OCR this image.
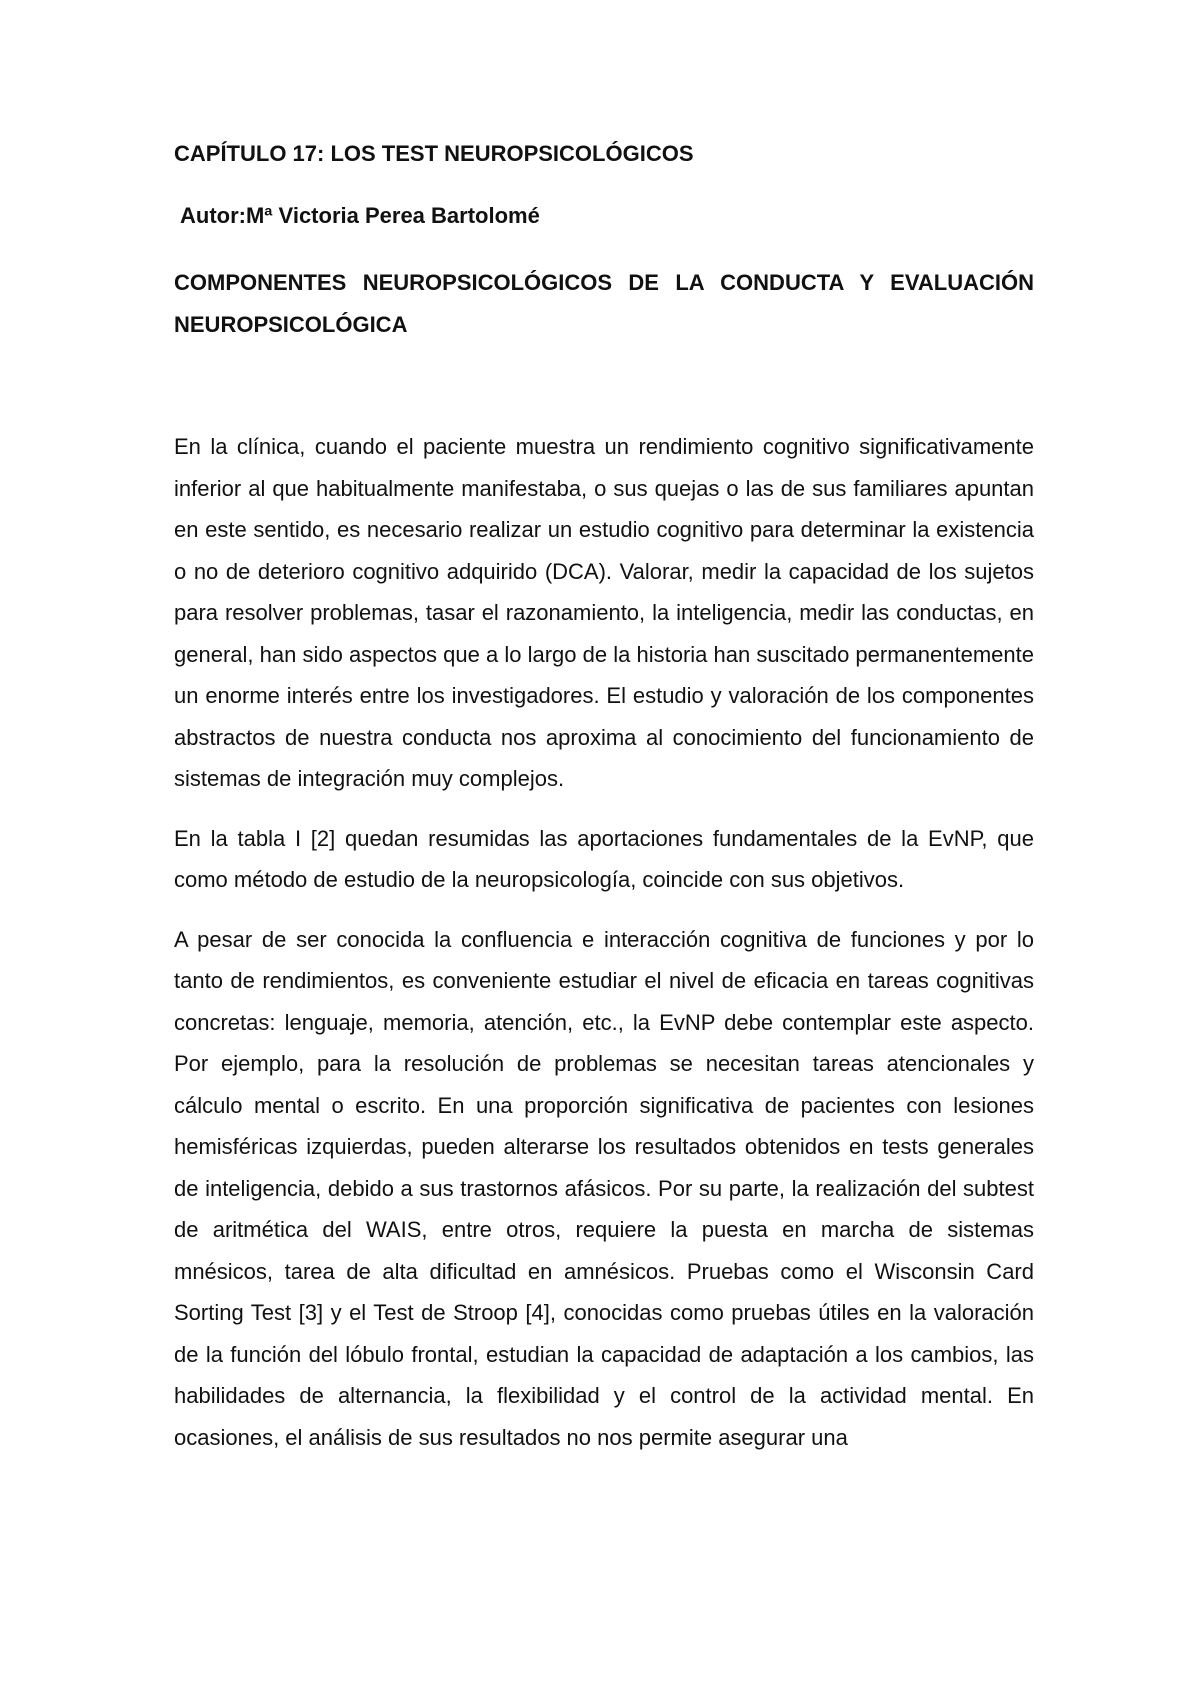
CAPÍTULO 17: LOS TEST NEUROPSICOLÓGICOS
Autor:Mª Victoria Perea Bartolomé
COMPONENTES NEUROPSICOLÓGICOS DE LA CONDUCTA Y EVALUACIÓN NEUROPSICOLÓGICA

En la clínica, cuando el paciente muestra un rendimiento cognitivo significativamente inferior al que habitualmente manifestaba, o sus quejas o las de sus familiares apuntan en este sentido, es necesario realizar un estudio cognitivo para determinar la existencia o no de deterioro cognitivo adquirido (DCA). Valorar, medir la capacidad de los sujetos para resolver problemas, tasar el razonamiento, la inteligencia, medir las conductas, en general, han sido aspectos que a lo largo de la historia han suscitado permanentemente un enorme interés entre los investigadores. El estudio y valoración de los componentes abstractos de nuestra conducta nos aproxima al conocimiento del funcionamiento de sistemas de integración muy complejos.

En la tabla I [2] quedan resumidas las aportaciones fundamentales de la EvNP, que como método de estudio de la neuropsicología, coincide con sus objetivos.

A pesar de ser conocida la confluencia e interacción cognitiva de funciones y por lo tanto de rendimientos, es conveniente estudiar el nivel de eficacia en tareas cognitivas concretas: lenguaje, memoria, atención, etc., la EvNP debe contemplar este aspecto. Por ejemplo, para la resolución de problemas se necesitan tareas atencionales y cálculo mental o escrito. En una proporción significativa de pacientes con lesiones hemisféricas izquierdas, pueden alterarse los resultados obtenidos en tests generales de inteligencia, debido a sus trastornos afásicos. Por su parte, la realización del subtest de aritmética del WAIS, entre otros, requiere la puesta en marcha de sistemas mnésicos, tarea de alta dificultad en amnésicos. Pruebas como el Wisconsin Card Sorting Test [3] y el Test de Stroop [4], conocidas como pruebas útiles en la valoración de la función del lóbulo frontal, estudian la capacidad de adaptación a los cambios, las habilidades de alternancia, la flexibilidad y el control de la actividad mental. En ocasiones, el análisis de sus resultados no nos permite asegurar una
